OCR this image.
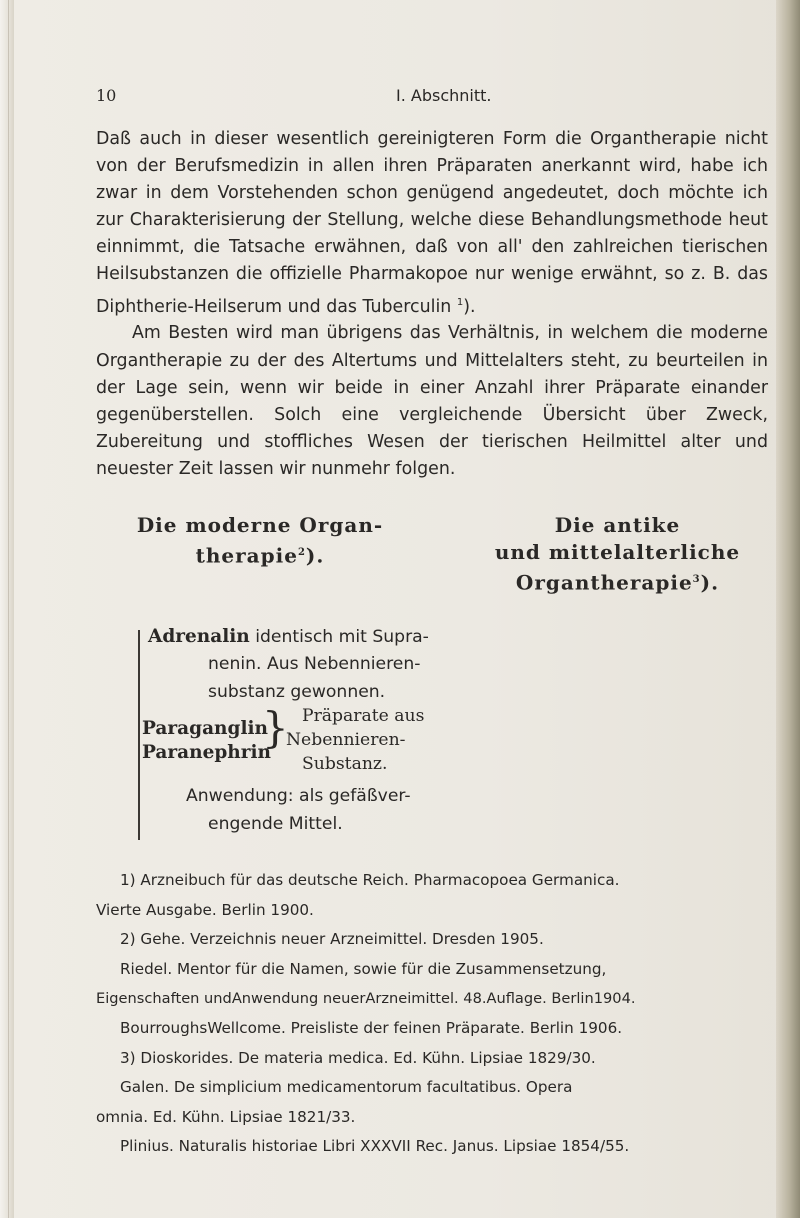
10	I. Abschnitt.

Daß auch in dieser wesentlich gereinigteren Form die Organtherapie nicht von der Berufsmedizin in allen ihren Präparaten anerkannt wird, habe ich zwar in dem Vorstehenden schon genügend angedeutet, doch möchte ich zur Charakterisierung der Stellung, welche diese Behandlungsmethode heut einnimmt, die Tatsache erwähnen, daß von all' den zahlreichen tierischen Heilsubstanzen die offizielle Pharmakopoe nur wenige erwähnt, so z. B. das Diphtherie-Heilserum und das Tuberculin $^1$).

Am Besten wird man übrigens das Verhältnis, in welchem die moderne Organtherapie zu der des Altertums und Mittelalters steht, zu beurteilen in der Lage sein, wenn wir beide in einer Anzahl ihrer Präparate einander gegenüberstellen. Solch eine vergleichende Übersicht über Zweck, Zubereitung und stoffliches Wesen der tierischen Heilmittel alter und neuester Zeit lassen wir nunmehr folgen.

Die moderne Organ-
therapie$^2$).
Die antike
und mittelalterliche
Organtherapie$^3$).
Adrenalin identisch mit Supra-
nenin. Aus Nebennieren-
substanz gewonnen.
Paraganglin
Paranephrin
} Präparate aus
Nebennieren-
Substanz.
Anwendung: als gefäßver-
engende Mittel.
1) Arzneibuch für das deutsche Reich. Pharmacopoea Germanica.
Vierte Ausgabe. Berlin 1900.
2) Gehe. Verzeichnis neuer Arzneimittel. Dresden 1905.
Riedel. Mentor für die Namen, sowie für die Zusammensetzung,
Eigenschaften undAnwendung neuerArzneimittel. 48.Auflage. Berlin1904.
BourroughsWellcome. Preisliste der feinen Präparate. Berlin 1906.
3) Dioskorides. De materia medica. Ed. Kühn. Lipsiae 1829/30.
Galen. De simplicium medicamentorum facultatibus. Opera
omnia. Ed. Kühn. Lipsiae 1821/33.
Plinius. Naturalis historiae Libri XXXVII Rec. Janus. Lipsiae 1854/55.
